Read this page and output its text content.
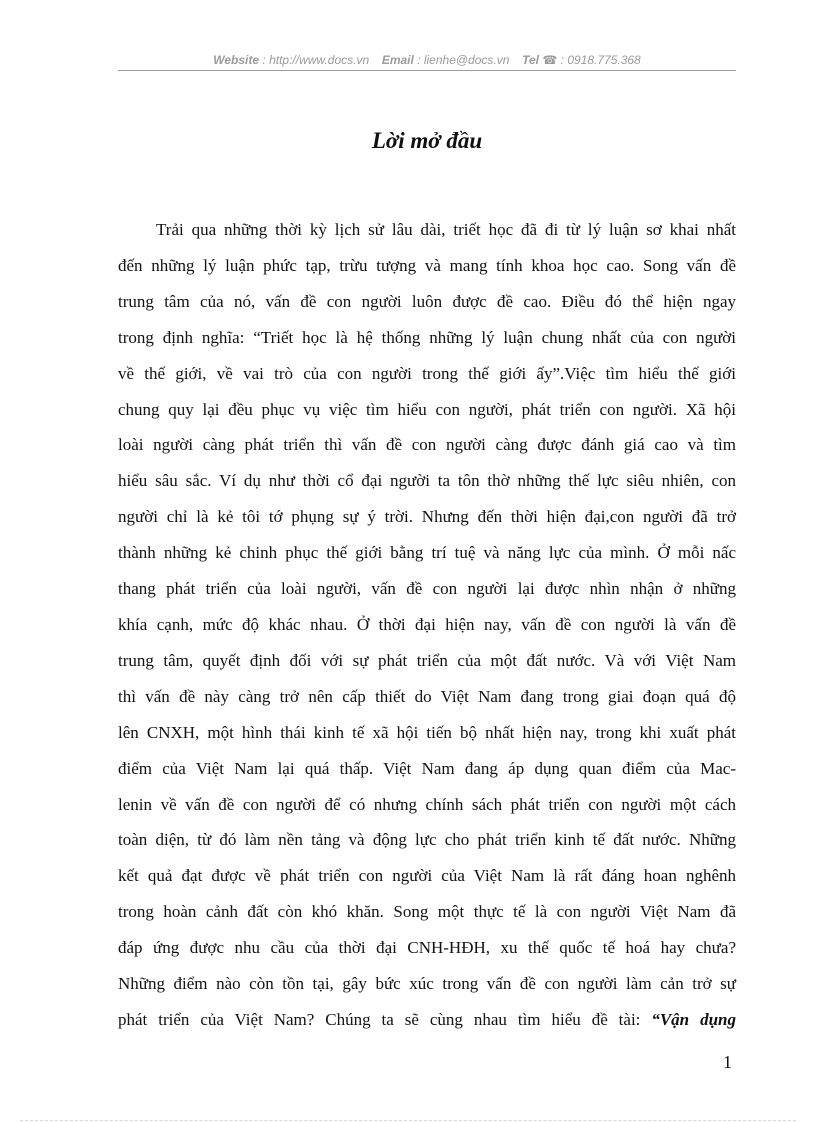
Website : http://www.docs.vn Email : lienhe@docs.vn Tel ☎ : 0918.775.368
Lời mở đầu
Trải qua những thời kỳ lịch sử lâu dài, triết học đã đi từ lý luận sơ khai nhất
đến những lý luận phức tạp, trừu tượng và mang tính khoa học cao. Song vấn đề
trung tâm của nó, vấn đề con người luôn được đề cao. Điều đó thể hiện ngay
trong định nghĩa: “Triết học là hệ thống những lý luận chung nhất của con người
về thế giới, về vai trò của con người trong thế giới ấy”.Việc tìm hiểu thế giới
chung quy lại đều phục vụ việc tìm hiểu con người, phát triển con người. Xã hội
loài người càng phát triển thì vấn đề con người càng được đánh giá cao và tìm
hiểu sâu sắc. Ví dụ như thời cổ đại người ta tôn thờ những thế lực siêu nhiên, con
người chỉ là kẻ tôi tớ phụng sự ý trời. Nhưng đến thời hiện đại,con người đã trở
thành những kẻ chinh phục thế giới bằng trí tuệ và năng lực của mình. Ở mỗi nấc
thang phát triển của loài người, vấn đề con người lại được nhìn nhận ở những
khía cạnh, mức độ khác nhau. Ở thời đại hiện nay, vấn đề con người là vấn đề
trung tâm, quyết định đối với sự phát triển của một đất nước. Và với Việt Nam
thì vấn đề này càng trở nên cấp thiết do Việt Nam đang trong giai đoạn quá độ
lên CNXH, một hình thái kinh tế xã hội tiến bộ nhất hiện nay, trong khi xuất phát
điểm của Việt Nam lại quá thấp. Việt Nam đang áp dụng quan điểm của Mac-
lenin về vấn đề con người để có nhưng chính sách phát triển con người một cách
toàn diện, từ đó làm nền tảng và động lực cho phát triển kinh tế đất nước. Những
kết quả đạt được về phát triển con người của Việt Nam là rất đáng hoan nghênh
trong hoàn cảnh đất còn khó khăn. Song một thực tế là con người Việt Nam đã
đáp ứng được nhu cầu của thời đại CNH-HĐH, xu thế quốc tế hoá hay chưa?
Những điểm nào còn tồn tại, gây bức xúc trong vấn đề con người làm cản trở sự
phát triển của Việt Nam? Chúng ta sẽ cùng nhau tìm hiểu đề tài: “Vận dụng
1
